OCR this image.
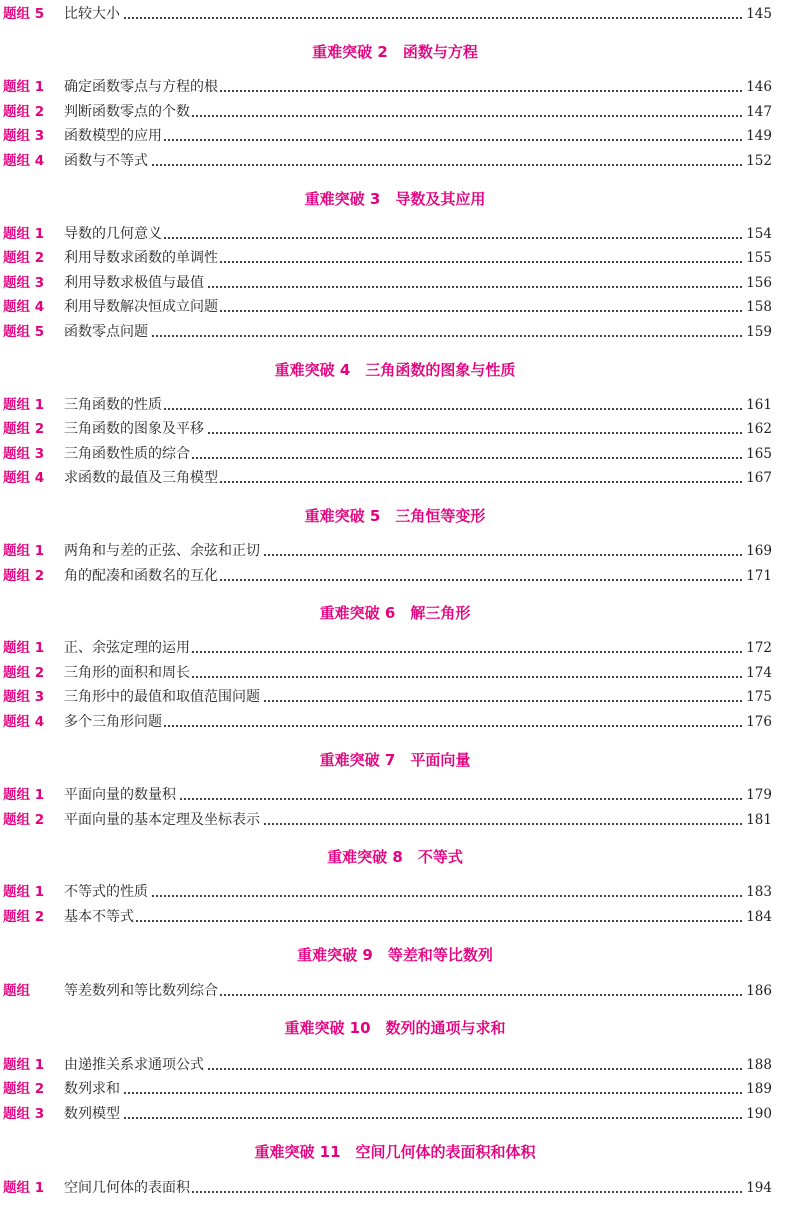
题组 5 比较大小	145
重难突破 2　函数与方程
题组 1 确定函数零点与方程的根	146
题组 2 判断函数零点的个数	147
题组 3 函数模型的应用	149
题组 4 函数与不等式	152
重难突破 3　导数及其应用
题组 1 导数的几何意义	154
题组 2 利用导数求函数的单调性	155
题组 3 利用导数求极值与最值	156
题组 4 利用导数解决恒成立问题	158
题组 5 函数零点问题	159
重难突破 4　三角函数的图象与性质
题组 1 三角函数的性质	161
题组 2 三角函数的图象及平移	162
题组 3 三角函数性质的综合	165
题组 4 求函数的最值及三角模型	167
重难突破 5　三角恒等变形
题组 1 两角和与差的正弦、余弦和正切	169
题组 2 角的配凑和函数名的互化	171
重难突破 6　解三角形
题组 1 正、余弦定理的运用	172
题组 2 三角形的面积和周长	174
题组 3 三角形中的最值和取值范围问题	175
题组 4 多个三角形问题	176
重难突破 7　平面向量
题组 1 平面向量的数量积	179
题组 2 平面向量的基本定理及坐标表示	181
重难突破 8　不等式
题组 1 不等式的性质	183
题组 2 基本不等式	184
重难突破 9　等差和等比数列
题组 等差数列和等比数列综合	186
重难突破 10　数列的通项与求和
题组 1 由递推关系求通项公式	188
题组 2 数列求和	189
题组 3 数列模型	190
重难突破 11　空间几何体的表面积和体积
题组 1 空间几何体的表面积	194
